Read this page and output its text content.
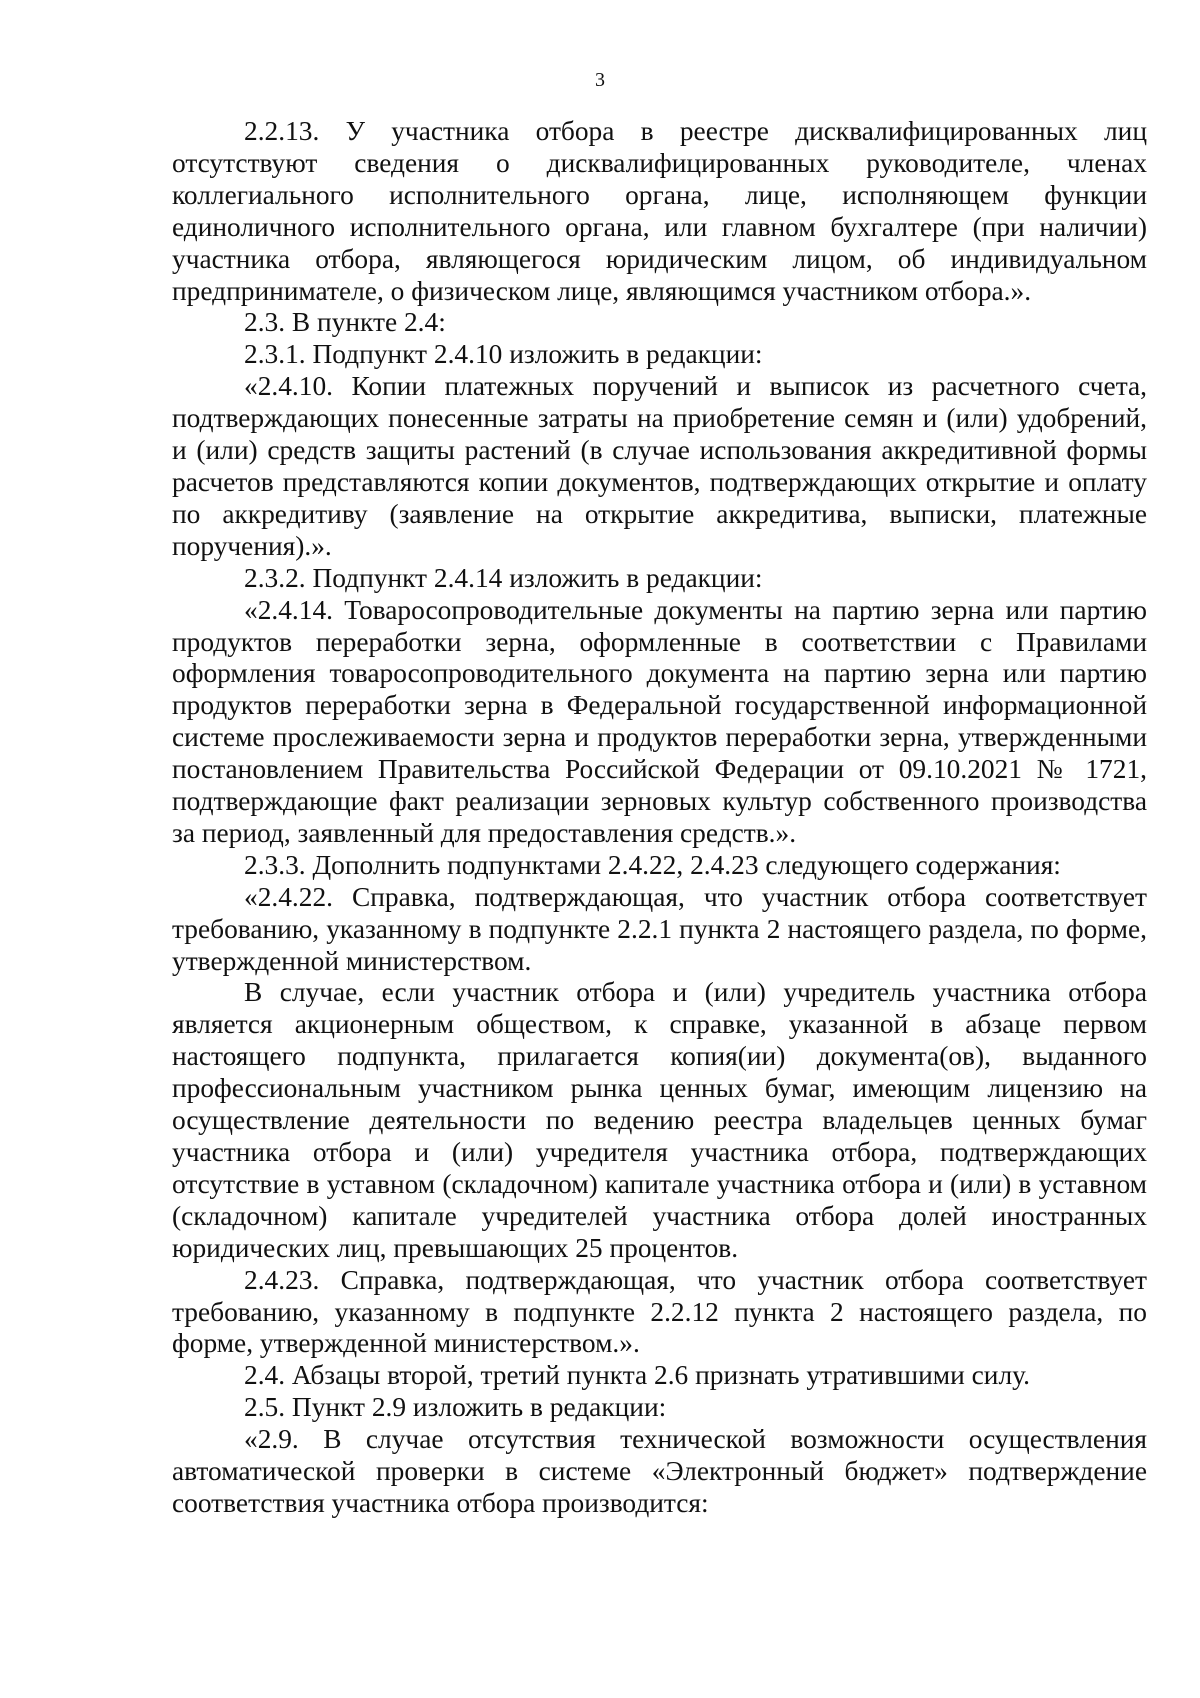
3

2.2.13. У участника отбора в реестре дисквалифицированных лиц отсутствуют сведения о дисквалифицированных руководителе, членах коллегиального исполнительного органа, лице, исполняющем функции единоличного исполнительного органа, или главном бухгалтере (при наличии) участника отбора, являющегося юридическим лицом, об индивидуальном предпринимателе, о физическом лице, являющимся участником отбора.».

2.3. В пункте 2.4:

2.3.1. Подпункт 2.4.10 изложить в редакции:

«2.4.10. Копии платежных поручений и выписок из расчетного счета, подтверждающих понесенные затраты на приобретение семян и (или) удобрений, и (или) средств защиты растений (в случае использования аккредитивной формы расчетов представляются копии документов, подтверждающих открытие и оплату по аккредитиву (заявление на открытие аккредитива, выписки, платежные поручения).».

2.3.2. Подпункт 2.4.14 изложить в редакции:

«2.4.14. Товаросопроводительные документы на партию зерна или партию продуктов переработки зерна, оформленные в соответствии с Правилами оформления товаросопроводительного документа на партию зерна или партию продуктов переработки зерна в Федеральной государственной информационной системе прослеживаемости зерна и продуктов переработки зерна, утвержденными постановлением Правительства Российской Федерации от 09.10.2021 № 1721, подтверждающие факт реализации зерновых культур собственного производства за период, заявленный для предоставления средств.».

2.3.3. Дополнить подпунктами 2.4.22, 2.4.23 следующего содержания:

«2.4.22. Справка, подтверждающая, что участник отбора соответствует требованию, указанному в подпункте 2.2.1 пункта 2 настоящего раздела, по форме, утвержденной министерством.

В случае, если участник отбора и (или) учредитель участника отбора является акционерным обществом, к справке, указанной в абзаце первом настоящего подпункта, прилагается копия(ии) документа(ов), выданного профессиональным участником рынка ценных бумаг, имеющим лицензию на осуществление деятельности по ведению реестра владельцев ценных бумаг участника отбора и (или) учредителя участника отбора, подтверждающих отсутствие в уставном (складочном) капитале участника отбора и (или) в уставном (складочном) капитале учредителей участника отбора долей иностранных юридических лиц, превышающих 25 процентов.

2.4.23. Справка, подтверждающая, что участник отбора соответствует требованию, указанному в подпункте 2.2.12 пункта 2 настоящего раздела, по форме, утвержденной министерством.».

2.4. Абзацы второй, третий пункта 2.6 признать утратившими силу.

2.5. Пункт 2.9 изложить в редакции:

«2.9. В случае отсутствия технической возможности осуществления автоматической проверки в системе «Электронный бюджет» подтверждение соответствия участника отбора производится:
